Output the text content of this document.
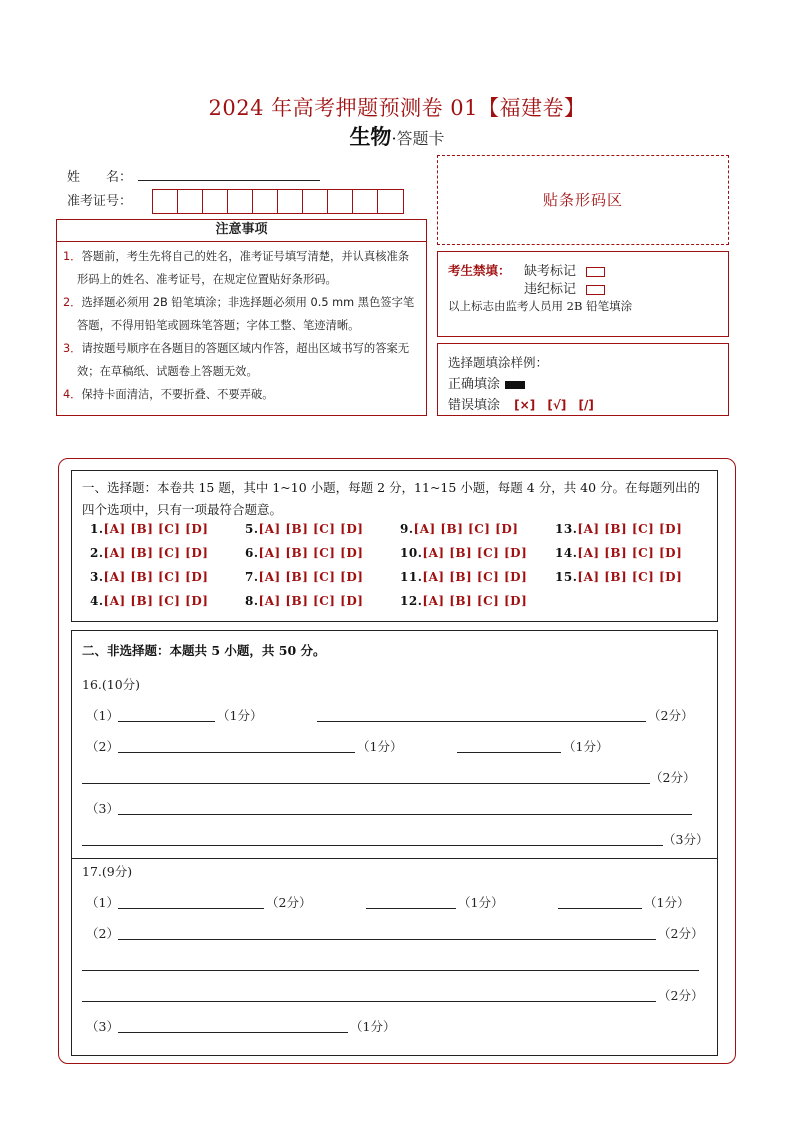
2024 年高考押题预测卷 01【福建卷】
生物·答题卡
姓　　名：
准考证号：	贴条形码区
注意事项
1．答题前，考生先将自己的姓名，准考证号填写清楚，并认真核准条形码上的姓名、准考证号，在规定位置贴好条形码。
2．选择题必须用 2B 铅笔填涂；非选择题必须用 0.5 mm 黑色签字笔答题，不得用铅笔或圆珠笔答题；字体工整、笔迹清晰。
3．请按题号顺序在各题目的答题区域内作答，超出区域书写的答案无效；在草稿纸、试题卷上答题无效。
4．保持卡面清洁，不要折叠、不要弄破。
考生禁填： 缺考标记
违纪标记
以上标志由监考人员用 2B 铅笔填涂
选择题填涂样例：
正确填涂
错误填涂 [×] [√] [/]
一、选择题：本卷共 15 题，其中 1~10 小题，每题 2 分，11~15 小题，每题 4 分，共 40 分。在每题列出的四个选项中，只有一项最符合题意。
1.[A] [B] [C] [D]	5.[A] [B] [C] [D]	9.[A] [B] [C] [D]	13.[A] [B] [C] [D]
2.[A] [B] [C] [D]	6.[A] [B] [C] [D]	10.[A] [B] [C] [D]	14.[A] [B] [C] [D]
3.[A] [B] [C] [D]	7.[A] [B] [C] [D]	11.[A] [B] [C] [D]	15.[A] [B] [C] [D]
4.[A] [B] [C] [D]	8.[A] [B] [C] [D]	12.[A] [B] [C] [D]
二、非选择题：本题共 5 小题，共 50 分。
16.(10分)
（1）	（1分）	（2分）
（2）	（1分）	（1分）
（2分）
（3）
（3分）
17.(9分)
（1）	（2分）	（1分）	（1分）
（2）	（2分）
（2分）
（3）	（1分）
